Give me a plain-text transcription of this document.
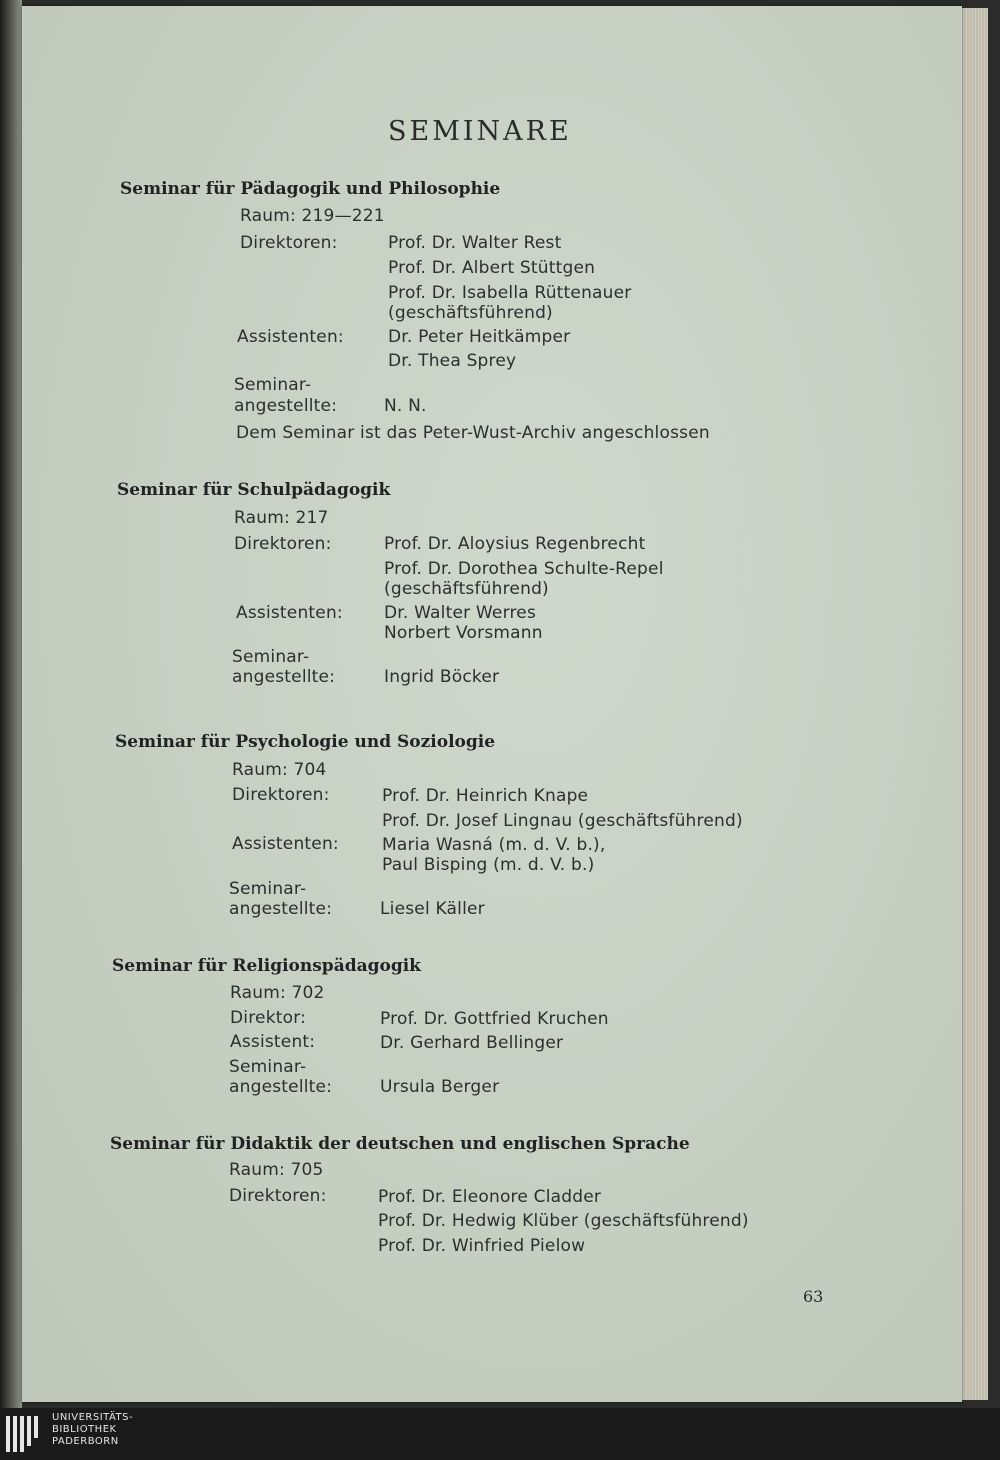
SEMINARE
Seminar für Pädagogik und Philosophie
Raum: 219—221
Direktoren:	Prof. Dr. Walter Rest
Prof. Dr. Albert Stüttgen
Prof. Dr. Isabella Rüttenauer
(geschäftsführend)
Assistenten:	Dr. Peter Heitkämper
Dr. Thea Sprey
Seminar-
angestellte:	N. N.
Dem Seminar ist das Peter-Wust-Archiv angeschlossen
Seminar für Schulpädagogik
Raum: 217
Direktoren:	Prof. Dr. Aloysius Regenbrecht
Prof. Dr. Dorothea Schulte-Repel
(geschäftsführend)
Assistenten: Dr. Walter Werres
Norbert Vorsmann
Seminar-
angestellte:	Ingrid Böcker
Seminar für Psychologie und Soziologie
Raum: 704
Direktoren:	Prof. Dr. Heinrich Knape
Prof. Dr. Josef Lingnau (geschäftsführend)
Assistenten:	Maria Wasná (m. d. V. b.),
Paul Bisping (m. d. V. b.)
Seminar-
angestellte:	Liesel Käller
Seminar für Religionspädagogik
Raum: 702
Direktor:	Prof. Dr. Gottfried Kruchen
Assistent:	Dr. Gerhard Bellinger
Seminar-
angestellte:	Ursula Berger
Seminar für Didaktik der deutschen und englischen Sprache
Raum: 705
Direktoren:	Prof. Dr. Eleonore Cladder
Prof. Dr. Hedwig Klüber (geschäftsführend)
Prof. Dr. Winfried Pielow
63
UNIVERSITÄTS-
BIBLIOTHEK
PADERBORN
